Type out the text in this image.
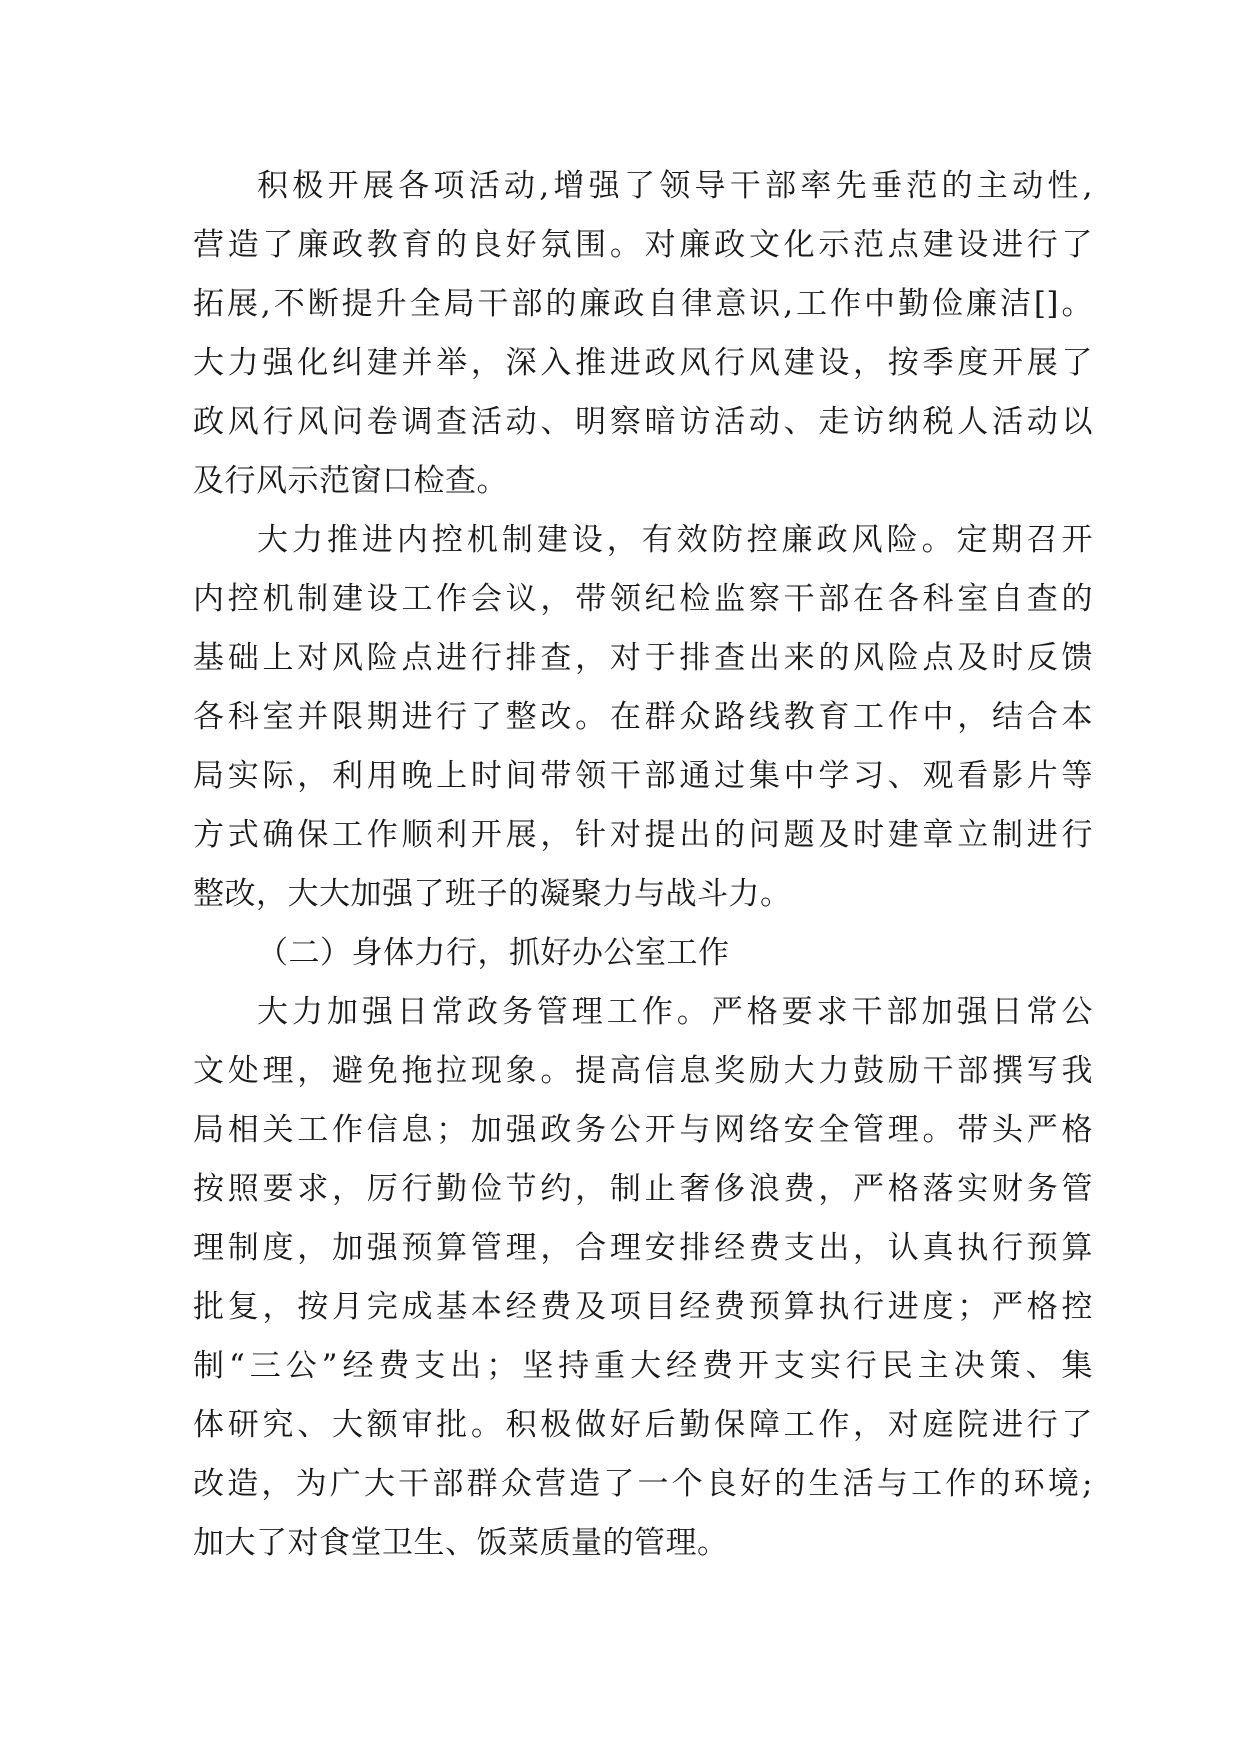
积极开展各项活动,增强了领导干部率先垂范的主动性,
营造了廉政教育的良好氛围。对廉政文化示范点建设进行了
拓展,不断提升全局干部的廉政自律意识,工作中勤俭廉洁[]。
大力强化纠建并举，深入推进政风行风建设，按季度开展了
政风行风问卷调查活动、明察暗访活动、走访纳税人活动以
及行风示范窗口检查。
大力推进内控机制建设，有效防控廉政风险。定期召开
内控机制建设工作会议，带领纪检监察干部在各科室自查的
基础上对风险点进行排查，对于排查出来的风险点及时反馈
各科室并限期进行了整改。在群众路线教育工作中，结合本
局实际，利用晚上时间带领干部通过集中学习、观看影片等
方式确保工作顺利开展，针对提出的问题及时建章立制进行
整改，大大加强了班子的凝聚力与战斗力。
（二）身体力行，抓好办公室工作
大力加强日常政务管理工作。严格要求干部加强日常公
文处理，避免拖拉现象。提高信息奖励大力鼓励干部撰写我
局相关工作信息；加强政务公开与网络安全管理。带头严格
按照要求，厉行勤俭节约，制止奢侈浪费，严格落实财务管
理制度，加强预算管理，合理安排经费支出，认真执行预算
批复，按月完成基本经费及项目经费预算执行进度；严格控
制“三公”经费支出；坚持重大经费开支实行民主决策、集
体研究、大额审批。积极做好后勤保障工作，对庭院进行了
改造，为广大干部群众营造了一个良好的生活与工作的环境;
加大了对食堂卫生、饭菜质量的管理。
